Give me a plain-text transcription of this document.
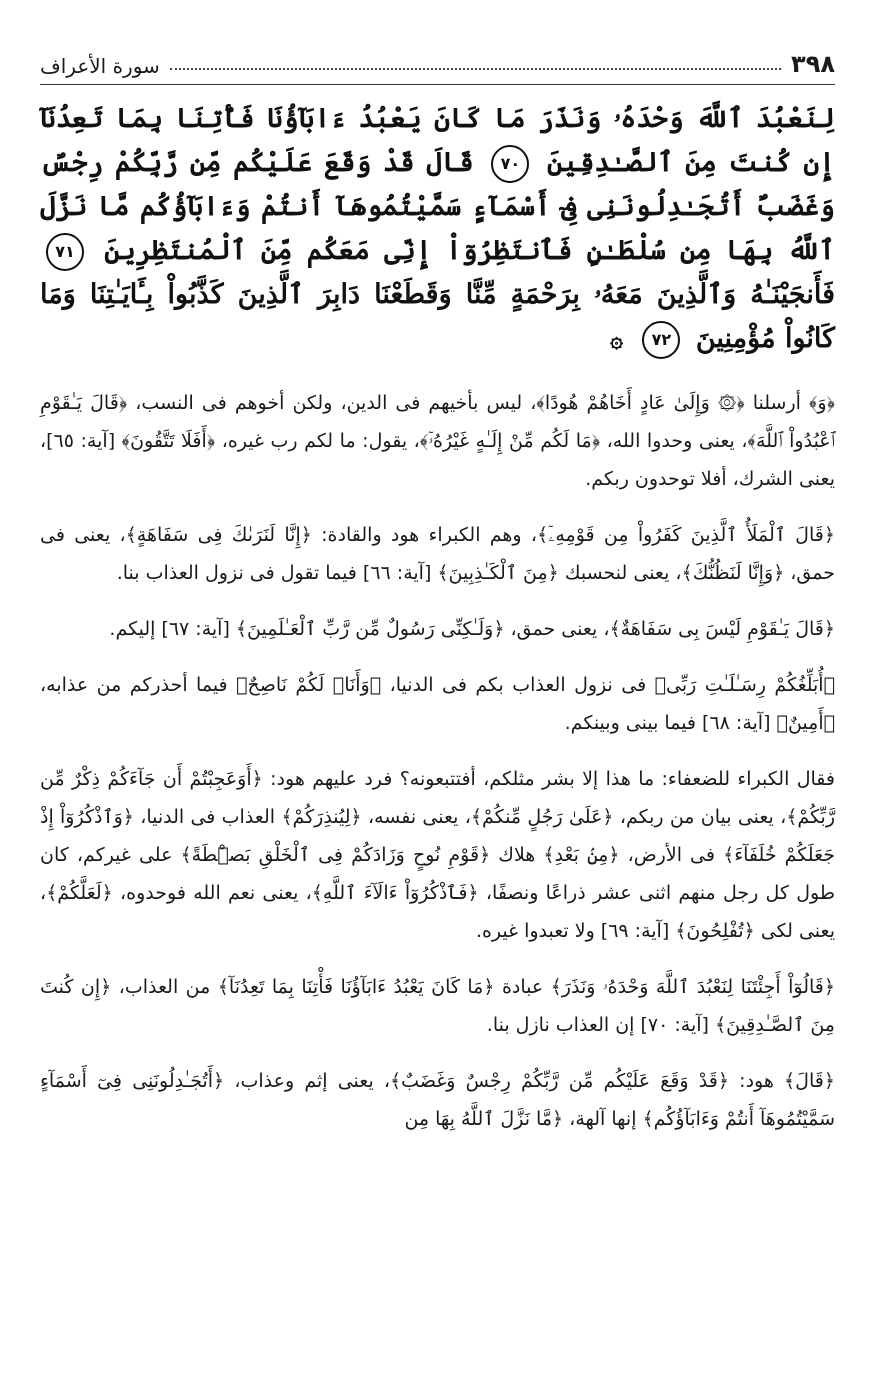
٣٩٨
سورة الأعراف
لِنَعْبُدَ ٱللَّهَ وَحْدَهُۥ وَنَذَرَ مَا كَانَ يَعْبُدُ ءَابَآؤُنَا فَأْتِنَا بِمَا تَعِدُنَآ إِن كُنتَ مِنَ ٱلصَّـٰدِقِينَ ٧٠ قَالَ قَدْ وَقَعَ عَلَيْكُم مِّن رَّبِّكُمْ رِجْسٌ وَغَضَبٌ أَتُجَـٰدِلُونَنِى فِىٓ أَسْمَآءٍ سَمَّيْتُمُوهَآ أَنتُمْ وَءَابَآؤُكُم مَّا نَزَّلَ ٱللَّهُ بِهَا مِن سُلْطَـٰنٍ فَٱنتَظِرُوٓاْ إِنِّى مَعَكُم مِّنَ ٱلْمُنتَظِرِينَ ٧١ فَأَنجَيْنَـٰهُ وَٱلَّذِينَ مَعَهُۥ بِرَحْمَةٍ مِّنَّا وَقَطَعْنَا دَابِرَ ٱلَّذِينَ كَذَّبُواْ بِـَٔايَـٰتِنَا وَمَا كَانُواْ مُؤْمِنِينَ ٧٢ ۞

﴿وَ﴾ أرسلنا ﴿۞ وَإِلَىٰ عَادٍ أَخَاهُمْ هُودًا﴾، ليس بأخيهم فى الدين، ولكن أخوهم فى النسب، ﴿قَالَ يَـٰقَوْمِ ٱعْبُدُواْ ٱللَّهَ﴾، يعنى وحدوا الله، ﴿مَا لَكُم مِّنْ إِلَـٰهٍ غَيْرُهُۥٓ﴾، يقول: ما لكم رب غيره، ﴿أَفَلَا تَتَّقُونَ﴾ [آية: ٦٥]، يعنى الشرك، أفلا توحدون ربكم.

﴿قَالَ ٱلْمَلَأُ ٱلَّذِينَ كَفَرُواْ مِن قَوْمِهِۦٓ﴾، وهم الكبراء هود والقادة: ﴿إِنَّا لَنَرَىٰكَ فِى سَفَاهَةٍ﴾، يعنى فى حمق، ﴿وَإِنَّا لَنَظُنُّكَ﴾، يعنى لنحسبك ﴿مِنَ ٱلْكَـٰذِبِينَ﴾ [آية: ٦٦] فيما تقول فى نزول العذاب بنا.

﴿قَالَ يَـٰقَوْمِ لَيْسَ بِى سَفَاهَةٌ﴾، يعنى حمق، ﴿وَلَـٰكِنِّى رَسُولٌ مِّن رَّبِّ ٱلْعَـٰلَمِينَ﴾ [آية: ٦٧] إليكم.

﴿أُبَلِّغُكُمْ رِسَـٰلَـٰتِ رَبِّى﴾ فى نزول العذاب بكم فى الدنيا، ﴿وَأَنَا۠ لَكُمْ نَاصِحٌ﴾ فيما أحذركم من عذابه، ﴿أَمِينٌ﴾ [آية: ٦٨] فيما بينى وبينكم.

فقال الكبراء للضعفاء: ما هذا إلا بشر مثلكم، أفتتبعونه؟ فرد عليهم هود: ﴿أَوَعَجِبْتُمْ أَن جَآءَكُمْ ذِكْرٌ مِّن رَّبِّكُمْ﴾، يعنى بيان من ربكم، ﴿عَلَىٰ رَجُلٍ مِّنكُمْ﴾، يعنى نفسه، ﴿لِيُنذِرَكُمْ﴾ العذاب فى الدنيا، ﴿وَٱذْكُرُوٓاْ إِذْ جَعَلَكُمْ خُلَفَآءَ﴾ فى الأرض، ﴿مِنۢ بَعْدِ﴾ هلاك ﴿قَوْمِ نُوحٍ وَزَادَكُمْ فِى ٱلْخَلْقِ بَصْۜطَةً﴾ على غيركم، كان طول كل رجل منهم اثنى عشر ذراعًا ونصفًا، ﴿فَٱذْكُرُوٓاْ ءَالَآءَ ٱللَّهِ﴾، يعنى نعم الله فوحدوه، ﴿لَعَلَّكُمْ﴾، يعنى لكى ﴿تُفْلِحُونَ﴾ [آية: ٦٩] ولا تعبدوا غيره.

﴿قَالُوٓاْ أَجِئْتَنَا لِنَعْبُدَ ٱللَّهَ وَحْدَهُۥ وَنَذَرَ﴾ عبادة ﴿مَا كَانَ يَعْبُدُ ءَابَآؤُنَا فَأْتِنَا بِمَا تَعِدُنَآ﴾ من العذاب، ﴿إِن كُنتَ مِنَ ٱلصَّـٰدِقِينَ﴾ [آية: ٧٠] إن العذاب نازل بنا.

﴿قَالَ﴾ هود: ﴿قَدْ وَقَعَ عَلَيْكُم مِّن رَّبِّكُمْ رِجْسٌ وَغَضَبٌ﴾، يعنى إثم وعذاب، ﴿أَتُجَـٰدِلُونَنِى فِىٓ أَسْمَآءٍ سَمَّيْتُمُوهَآ أَنتُمْ وَءَابَآؤُكُم﴾ إنها آلهة، ﴿مَّا نَزَّلَ ٱللَّهُ بِهَا مِن
